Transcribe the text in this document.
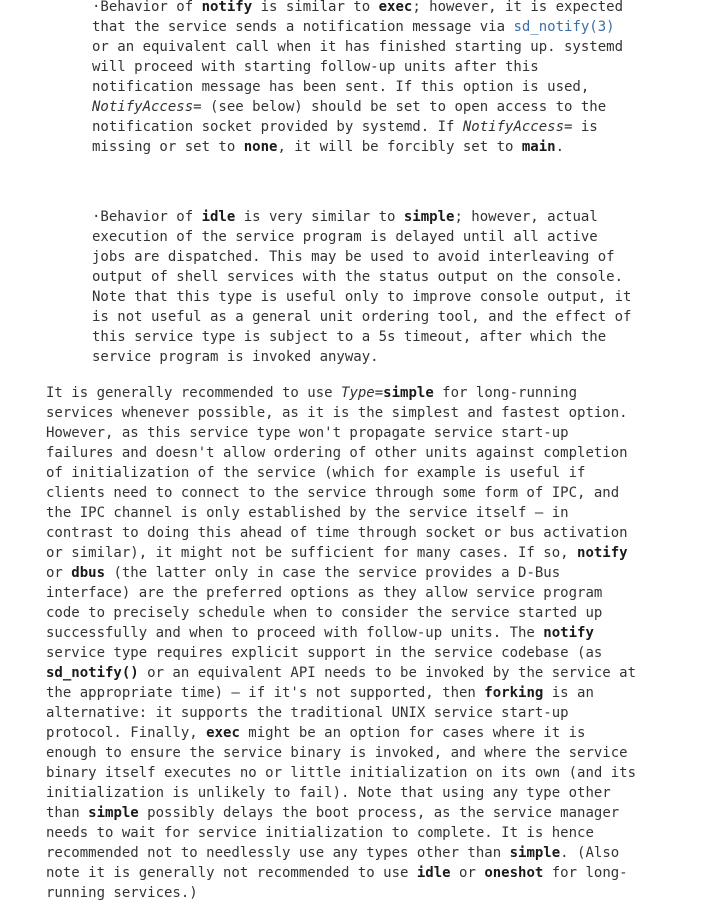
·Behavior of notify is similar to exec; however, it is expected
that the service sends a notification message via sd_notify(3)
or an equivalent call when it has finished starting up. systemd
will proceed with starting follow-up units after this
notification message has been sent. If this option is used,
NotifyAccess= (see below) should be set to open access to the
notification socket provided by systemd. If NotifyAccess= is
missing or set to none, it will be forcibly set to main.
·Behavior of idle is very similar to simple; however, actual
execution of the service program is delayed until all active
jobs are dispatched. This may be used to avoid interleaving of
output of shell services with the status output on the console.
Note that this type is useful only to improve console output, it
is not useful as a general unit ordering tool, and the effect of
this service type is subject to a 5s timeout, after which the
service program is invoked anyway.
It is generally recommended to use Type=simple for long-running
services whenever possible, as it is the simplest and fastest option.
However, as this service type won't propagate service start-up
failures and doesn't allow ordering of other units against completion
of initialization of the service (which for example is useful if
clients need to connect to the service through some form of IPC, and
the IPC channel is only established by the service itself — in
contrast to doing this ahead of time through socket or bus activation
or similar), it might not be sufficient for many cases. If so, notify
or dbus (the latter only in case the service provides a D-Bus
interface) are the preferred options as they allow service program
code to precisely schedule when to consider the service started up
successfully and when to proceed with follow-up units. The notify
service type requires explicit support in the service codebase (as
sd_notify() or an equivalent API needs to be invoked by the service at
the appropriate time) — if it's not supported, then forking is an
alternative: it supports the traditional UNIX service start-up
protocol. Finally, exec might be an option for cases where it is
enough to ensure the service binary is invoked, and where the service
binary itself executes no or little initialization on its own (and its
initialization is unlikely to fail). Note that using any type other
than simple possibly delays the boot process, as the service manager
needs to wait for service initialization to complete. It is hence
recommended not to needlessly use any types other than simple. (Also
note it is generally not recommended to use idle or oneshot for long-
running services.)
